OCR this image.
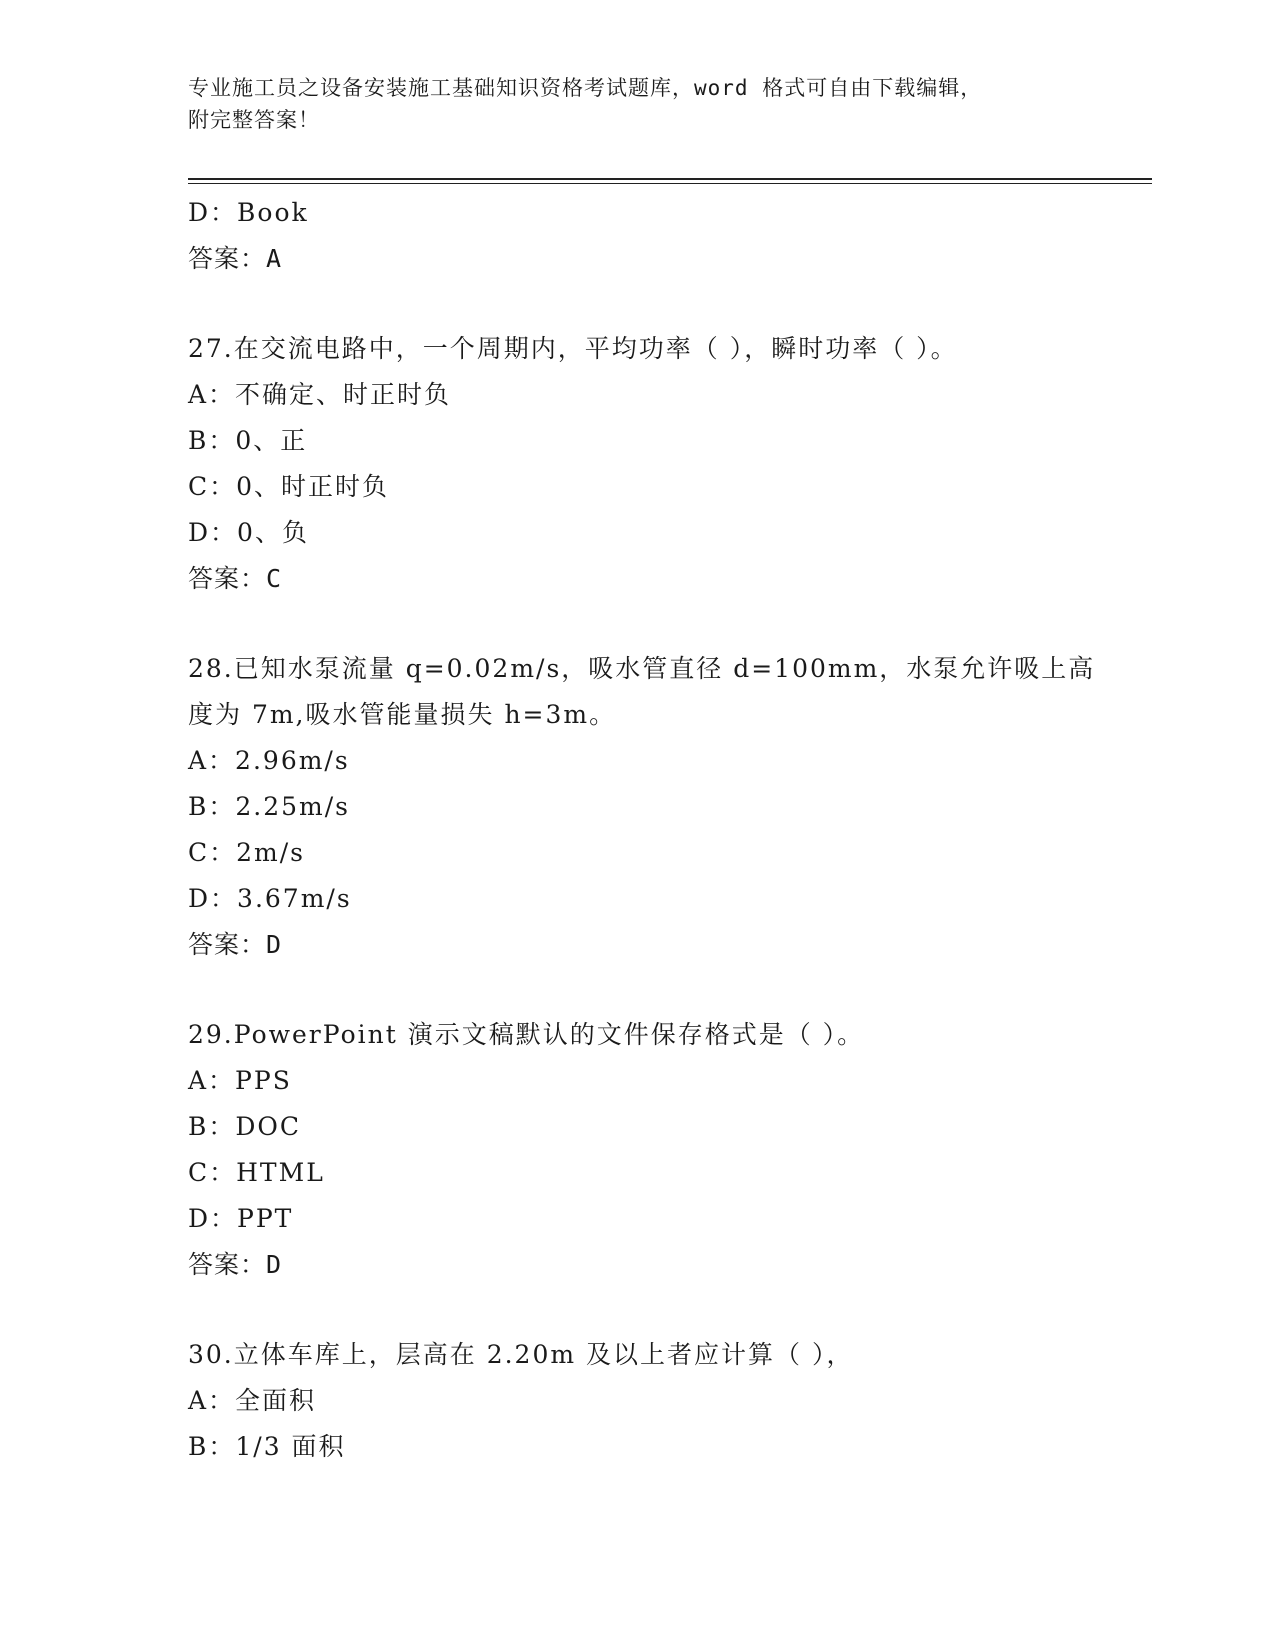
专业施工员之设备安装施工基础知识资格考试题库，word 格式可自由下载编辑，
附完整答案！
D：Book
答案：A
27.在交流电路中，一个周期内，平均功率（ ），瞬时功率（ ）。
A：不确定、时正时负
B：0、正
C：0、时正时负
D：0、负
答案：C
28.已知水泵流量 q=0.02m/s，吸水管直径 d=100mm，水泵允许吸上高
度为 7m,吸水管能量损失 h=3m。
A：2.96m/s
B：2.25m/s
C：2m/s
D：3.67m/s
答案：D
29.PowerPoint 演示文稿默认的文件保存格式是（ ）。
A：PPS
B：DOC
C：HTML
D：PPT
答案：D
30.立体车库上，层高在 2.20m 及以上者应计算（ ），
A：全面积
B：1/3 面积
